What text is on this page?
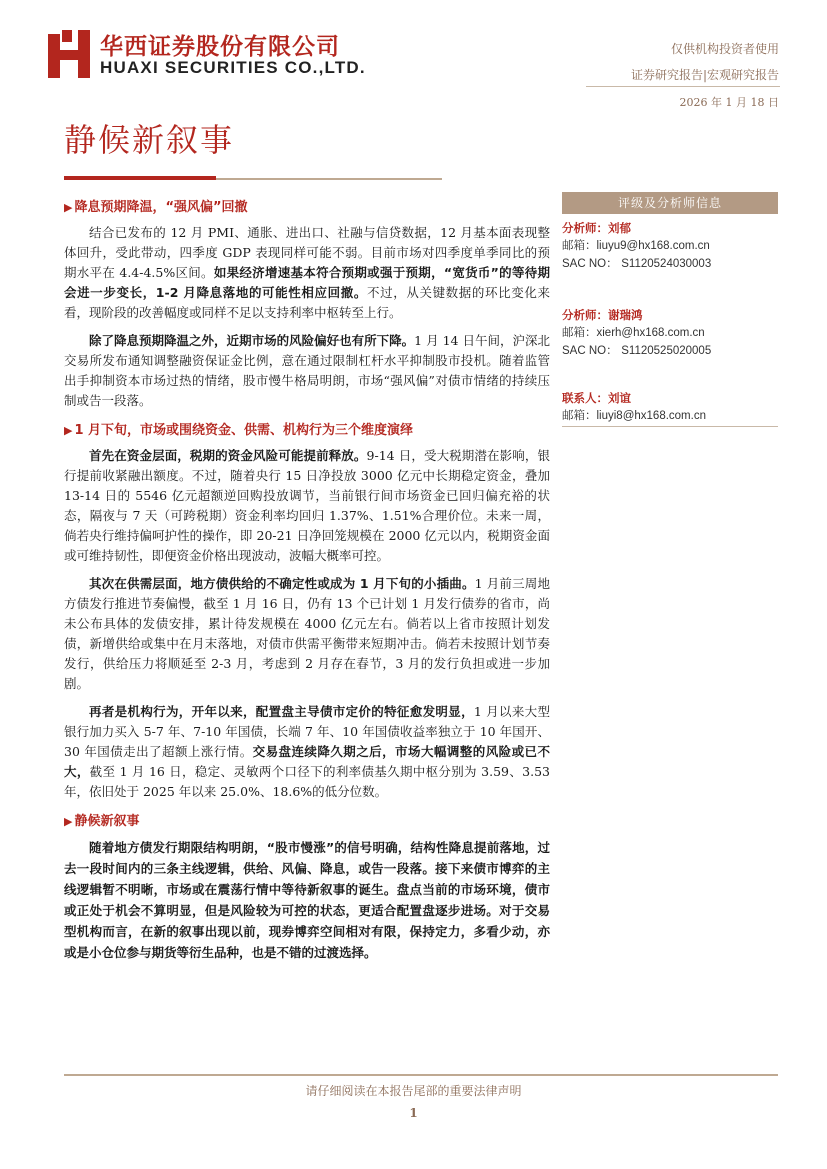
华西证券股份有限公司
HUAXI SECURITIES CO.,LTD.
仅供机构投资者使用
证券研究报告|宏观研究报告
2026 年 1 月 18 日
静候新叙事
▶ 降息预期降温，“强风偏”回撤

结合已发布的 12 月 PMI、通胀、进出口、社融与信贷数据，12 月基本面表现整体回升，受此带动，四季度 GDP 表现同样可能不弱。目前市场对四季度单季同比的预期水平在 4.4-4.5%区间。如果经济增速基本符合预期或强于预期，“宽货币”的等待期会进一步变长，1-2 月降息落地的可能性相应回撤。不过，从关键数据的环比变化来看，现阶段的改善幅度或同样不足以支持利率中枢转至上行。

除了降息预期降温之外，近期市场的风险偏好也有所下降。1 月 14 日午间，沪深北交易所发布通知调整融资保证金比例，意在通过限制杠杆水平抑制股市投机。随着监管出手抑制资本市场过热的情绪，股市慢牛格局明朗，市场“强风偏”对债市情绪的持续压制或告一段落。

▶ 1 月下旬，市场或围绕资金、供需、机构行为三个维度演绎

首先在资金层面，税期的资金风险可能提前释放。9-14 日，受大税期潜在影响，银行提前收紧融出额度。不过，随着央行 15 日净投放 3000 亿元中长期稳定资金，叠加 13-14 日的 5546 亿元超额逆回购投放调节，当前银行间市场资金已回归偏充裕的状态，隔夜与 7 天（可跨税期）资金利率均回归 1.37%、1.51%合理价位。未来一周，倘若央行维持偏呵护性的操作，即 20-21 日净回笼规模在 2000 亿元以内，税期资金面或可维持韧性，即便资金价格出现波动，波幅大概率可控。

其次在供需层面，地方债供给的不确定性或成为 1 月下旬的小插曲。1 月前三周地方债发行推进节奏偏慢，截至 1 月 16 日，仍有 13 个已计划 1 月发行债券的省市，尚未公布具体的发债安排，累计待发规模在 4000 亿元左右。倘若以上省市按照计划发债，新增供给或集中在月末落地，对债市供需平衡带来短期冲击。倘若未按照计划节奏发行，供给压力将顺延至 2-3 月，考虑到 2 月存在春节，3 月的发行负担或进一步加剧。

再者是机构行为，开年以来，配置盘主导债市定价的特征愈发明显，1 月以来大型银行加力买入 5-7 年、7-10 年国债，长端 7 年、10 年国债收益率独立于 10 年国开、30 年国债走出了超额上涨行情。交易盘连续降久期之后，市场大幅调整的风险或已不大，截至 1 月 16 日，稳定、灵敏两个口径下的利率债基久期中枢分别为 3.59、3.53 年，依旧处于 2025 年以来 25.0%、18.6%的低分位数。

▶ 静候新叙事

随着地方债发行期限结构明朗，“股市慢涨”的信号明确，结构性降息提前落地，过去一段时间内的三条主线逻辑，供给、风偏、降息，或告一段落。接下来债市博弈的主线逻辑暂不明晰，市场或在震荡行情中等待新叙事的诞生。盘点当前的市场环境，债市或正处于机会不算明显，但是风险较为可控的状态，更适合配置盘逐步进场。对于交易型机构而言，在新的叙事出现以前，现券博弈空间相对有限，保持定力，多看少动，亦或是小仓位参与期货等衍生品种，也是不错的过渡选择。

评级及分析师信息
分析师：刘郁
邮箱：liuyu9@hx168.com.cn
SAC NO： S1120524030003
分析师：谢瑞鸿
邮箱：xierh@hx168.com.cn
SAC NO： S1120525020005
联系人：刘谊
邮箱：liuyi8@hx168.com.cn
请仔细阅读在本报告尾部的重要法律声明
1
